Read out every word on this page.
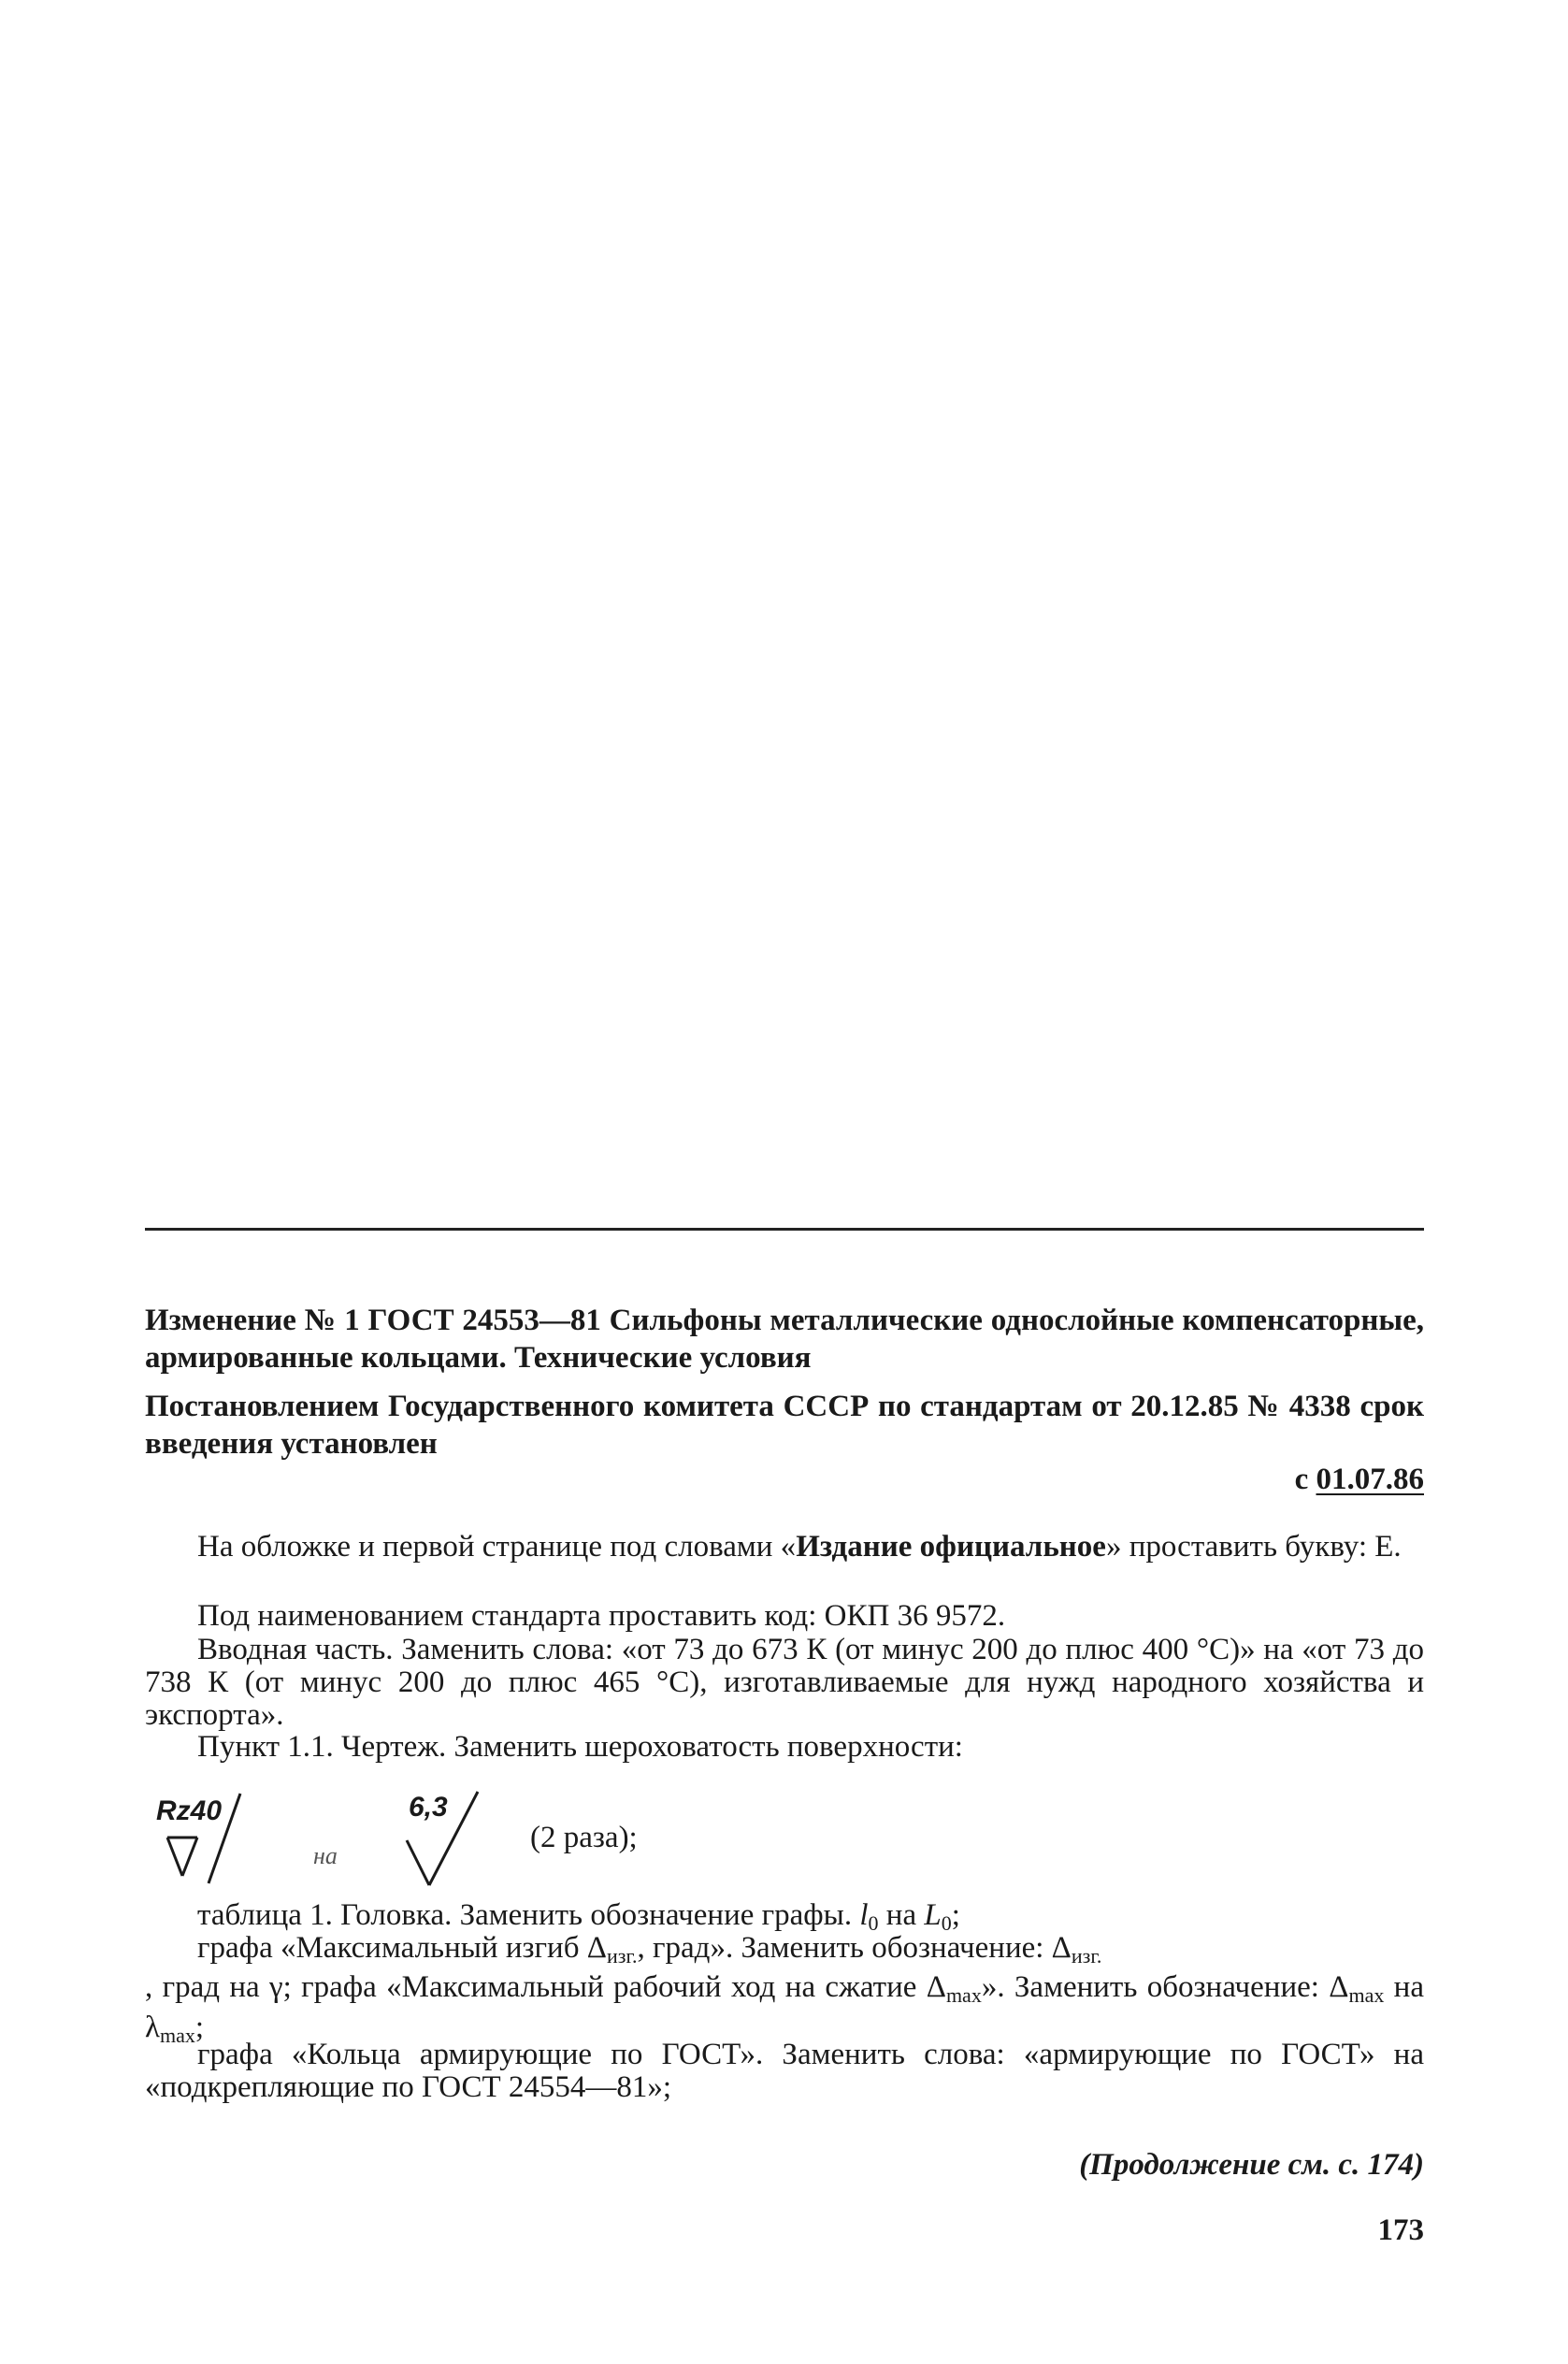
Изменение № 1 ГОСТ 24553—81 Сильфоны металлические однослойные компенсаторные, армированные кольцами. Технические условия
Постановлением Государственного комитета СССР по стандартам от 20.12.85 № 4338 срок введения установлен
с 01.07.86
На обложке и первой странице под словами «Издание официальное» проставить букву: Е.
Под наименованием стандарта проставить код: ОКП 36 9572.
Вводная часть. Заменить слова: «от 73 до 673 К (от минус 200 до плюс 400 °С)» на «от 73 до 738 К (от минус 200 до плюс 465 °С), изготавливаемые для нужд народного хозяйства и экспорта».
Пункт 1.1. Чертеж. Заменить шероховатость поверхности:
Rz40
на
6,3
(2 раза);
таблица 1. Головка. Заменить обозначение графы. $l_0$ на $L_0$;
графа «Максимальный изгиб $\Delta_{изг.}$, град». Заменить обозначение: $\Delta_{изг.}$
, град на γ; графа «Максимальный рабочий ход на сжатие $\Delta_{max}$». Заменить обозначение: $\Delta_{max}$ на $\lambda_{max}$;
графа «Кольца армирующие по ГОСТ». Заменить слова: «армирующие по ГОСТ» на «подкрепляющие по ГОСТ 24554—81»;
(Продолжение см. с. 174)
173
